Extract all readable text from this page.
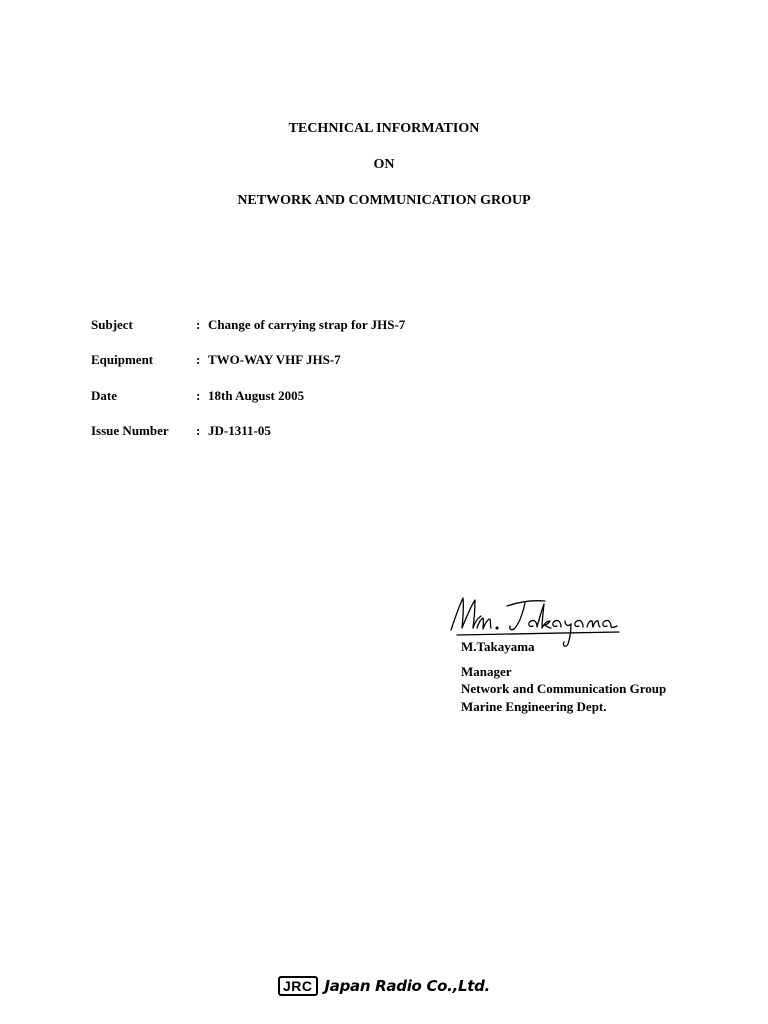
TECHNICAL INFORMATION
ON
NETWORK AND COMMUNICATION GROUP
Subject	: Change of carrying strap for JHS-7
Equipment	: TWO-WAY VHF JHS-7
Date	: 18th August 2005
Issue Number : JD-1311-05
M.Takayama
Manager
Network and Communication Group
Marine Engineering Dept.
JRC Japan Radio Co.,Ltd.
